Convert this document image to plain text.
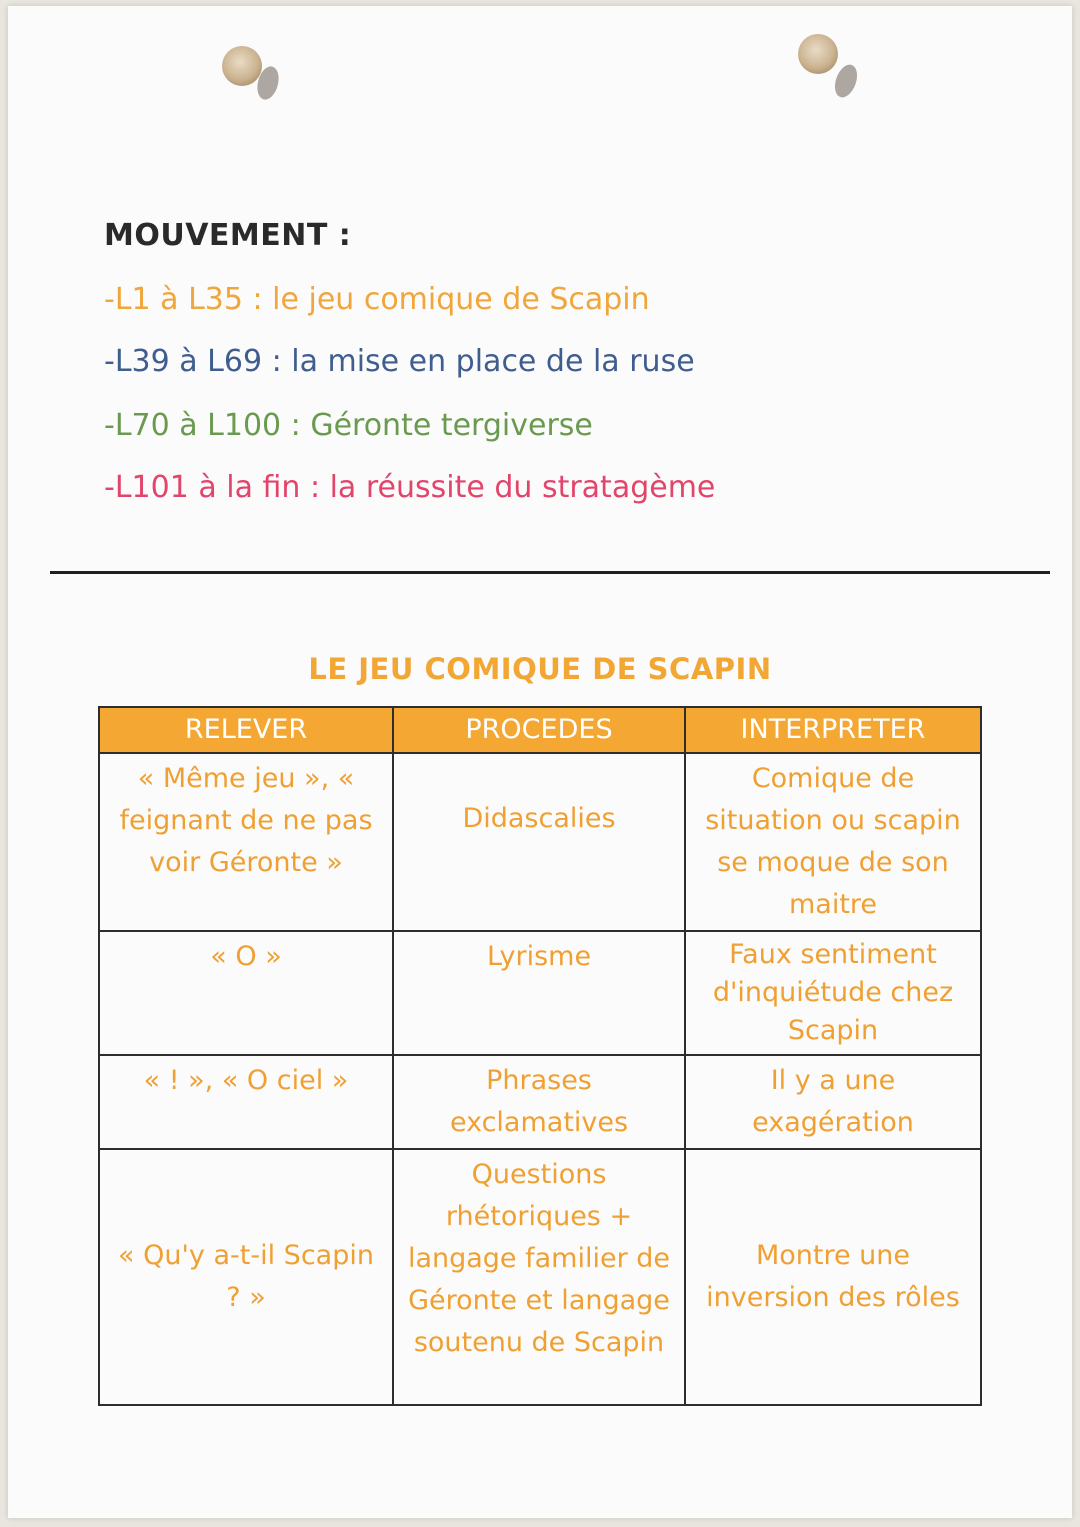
MOUVEMENT :
-L1 à L35 : le jeu comique de Scapin
-L39 à L69 : la mise en place de la ruse
-L70 à L100 : Géronte tergiverse
-L101 à la fin : la réussite du stratagème
LE JEU COMIQUE DE SCAPIN
RELEVER	PROCEDES	INTERPRETER
« Même jeu », « feignant de ne pas voir Géronte »	Didascalies	Comique de situation ou scapin se moque de son maitre
« O »	Lyrisme	Faux sentiment d'inquiétude chez Scapin
« ! », « O ciel »	Phrases exclamatives	Il y a une exagération
« Qu'y a-t-il Scapin ? »	Questions rhétoriques + langage familier de Géronte et langage soutenu de Scapin	Montre une inversion des rôles
